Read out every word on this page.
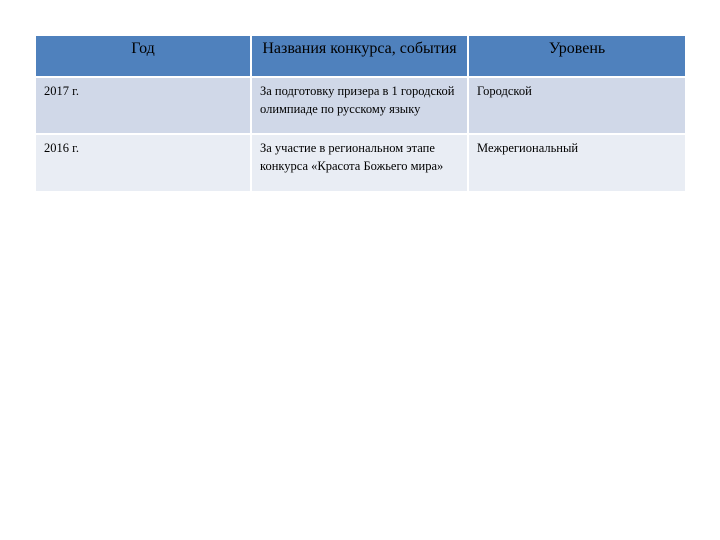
Год	Названия конкурса, события	Уровень
2017 г.	За подготовку призера в 1 городской олимпиаде по русскому языку	Городской
2016 г.	За участие в региональном этапе конкурса «Красота Божьего мира»	Межрегиональный
